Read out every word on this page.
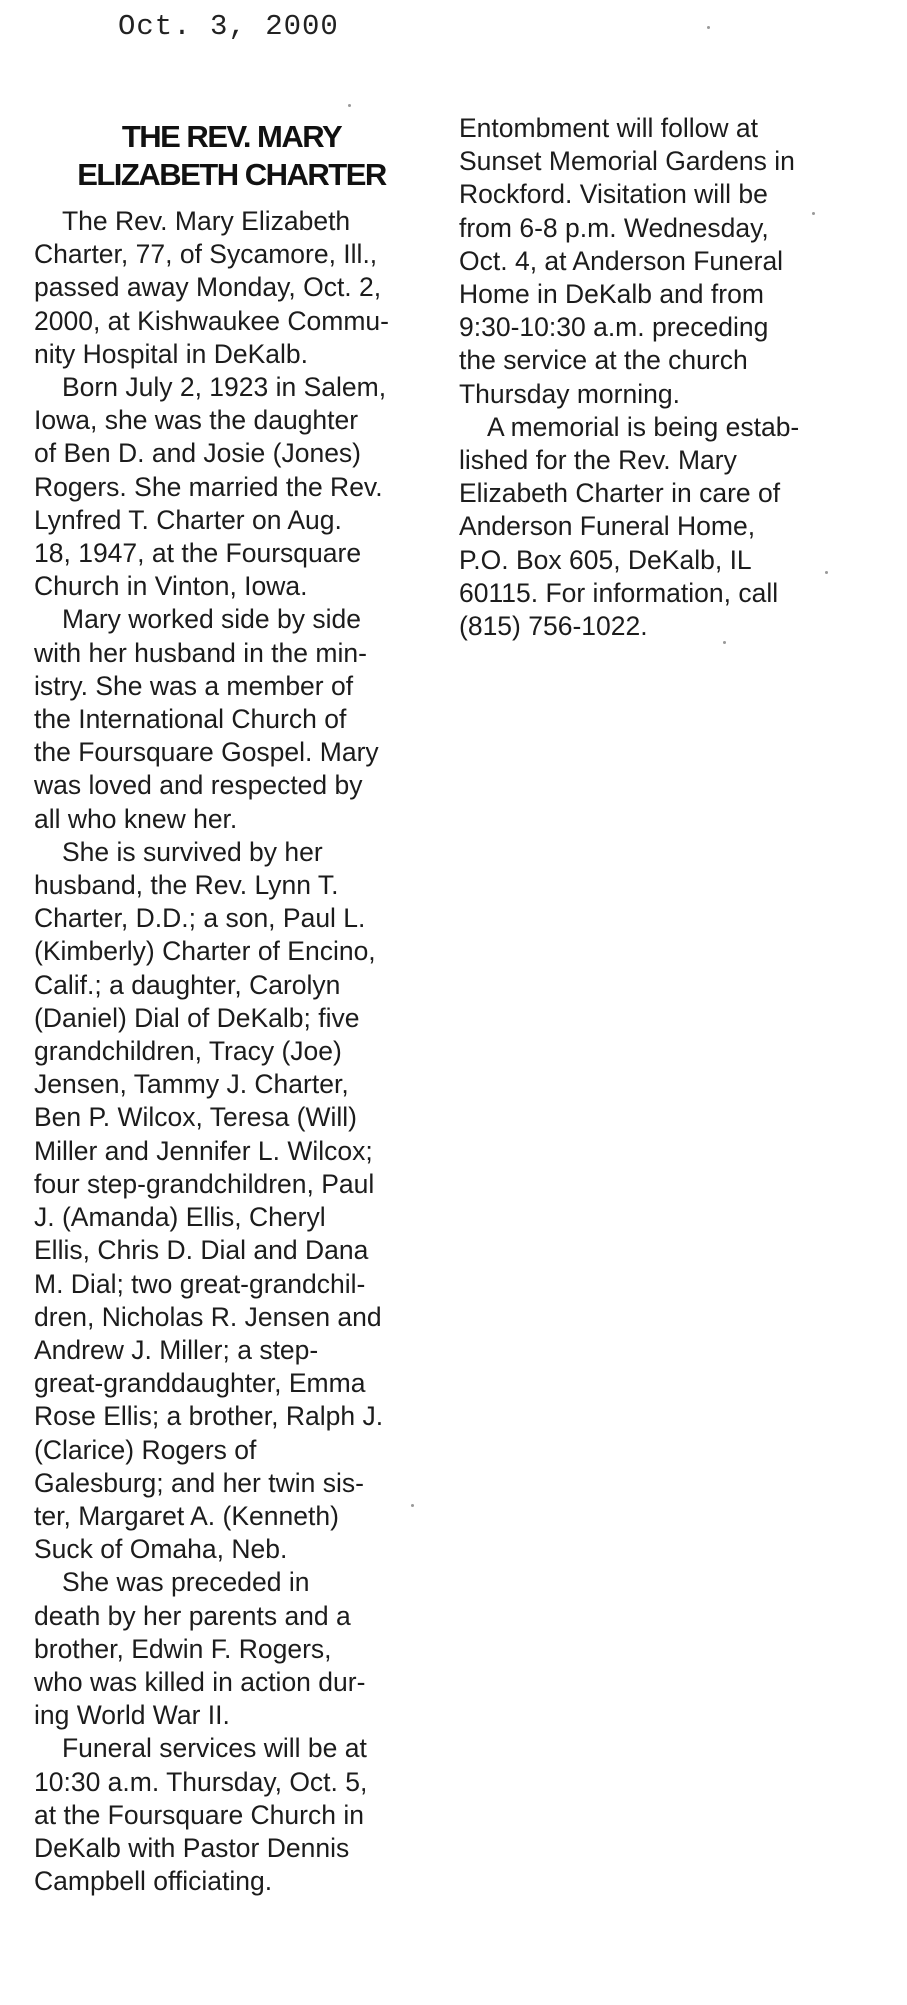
Oct. 3, 2000
THE REV. MARY
ELIZABETH CHARTER
The Rev. Mary Elizabeth
Charter, 77, of Sycamore, Ill.,
passed away Monday, Oct. 2,
2000, at Kishwaukee Commu-
nity Hospital in DeKalb.
Born July 2, 1923 in Salem,
Iowa, she was the daughter
of Ben D. and Josie (Jones)
Rogers. She married the Rev.
Lynfred T. Charter on Aug.
18, 1947, at the Foursquare
Church in Vinton, Iowa.
Mary worked side by side
with her husband in the min-
istry. She was a member of
the International Church of
the Foursquare Gospel. Mary
was loved and respected by
all who knew her.
She is survived by her
husband, the Rev. Lynn T.
Charter, D.D.; a son, Paul L.
(Kimberly) Charter of Encino,
Calif.; a daughter, Carolyn
(Daniel) Dial of DeKalb; five
grandchildren, Tracy (Joe)
Jensen, Tammy J. Charter,
Ben P. Wilcox, Teresa (Will)
Miller and Jennifer L. Wilcox;
four step-grandchildren, Paul
J. (Amanda) Ellis, Cheryl
Ellis, Chris D. Dial and Dana
M. Dial; two great-grandchil-
dren, Nicholas R. Jensen and
Andrew J. Miller; a step-
great-granddaughter, Emma
Rose Ellis; a brother, Ralph J.
(Clarice) Rogers of
Galesburg; and her twin sis-
ter, Margaret A. (Kenneth)
Suck of Omaha, Neb.
She was preceded in
death by her parents and a
brother, Edwin F. Rogers,
who was killed in action dur-
ing World War II.
Funeral services will be at
10:30 a.m. Thursday, Oct. 5,
at the Foursquare Church in
DeKalb with Pastor Dennis
Campbell officiating.
Entombment will follow at
Sunset Memorial Gardens in
Rockford. Visitation will be
from 6-8 p.m. Wednesday,
Oct. 4, at Anderson Funeral
Home in DeKalb and from
9:30-10:30 a.m. preceding
the service at the church
Thursday morning.
A memorial is being estab-
lished for the Rev. Mary
Elizabeth Charter in care of
Anderson Funeral Home,
P.O. Box 605, DeKalb, IL
60115. For information, call
(815) 756-1022.
